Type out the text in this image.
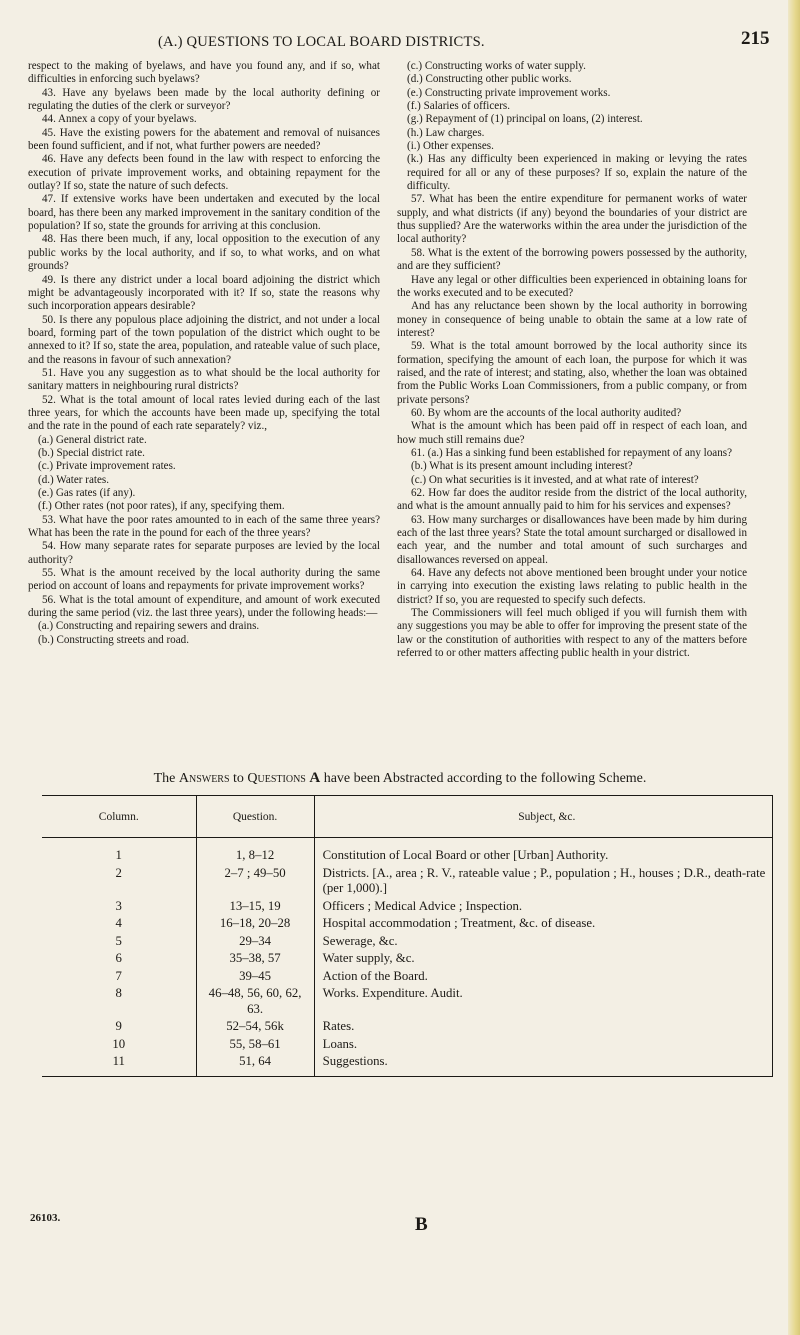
(A.) QUESTIONS TO LOCAL BOARD DISTRICTS.	215

respect to the making of byelaws, and have you found any, and if so, what difficulties in enforcing such byelaws?

43. Have any byelaws been made by the local authority defining or regulating the duties of the clerk or surveyor?

44. Annex a copy of your byelaws.

45. Have the existing powers for the abatement and removal of nuisances been found sufficient, and if not, what further powers are needed?

46. Have any defects been found in the law with respect to enforcing the execution of private improvement works, and obtaining repayment for the outlay? If so, state the nature of such defects.

47. If extensive works have been undertaken and executed by the local board, has there been any marked improvement in the sanitary condition of the population? If so, state the grounds for arriving at this conclusion.

48. Has there been much, if any, local opposition to the execution of any public works by the local authority, and if so, to what works, and on what grounds?

49. Is there any district under a local board adjoining the district which might be advantageously incorporated with it? If so, state the reasons why such incorporation appears desirable?

50. Is there any populous place adjoining the district, and not under a local board, forming part of the town population of the district which ought to be annexed to it? If so, state the area, population, and rateable value of such place, and the reasons in favour of such annexation?

51. Have you any suggestion as to what should be the local authority for sanitary matters in neighbouring rural districts?

52. What is the total amount of local rates levied during each of the last three years, for which the accounts have been made up, specifying the total and the rate in the pound of each rate separately? viz.,

(a.) General district rate.

(b.) Special district rate.

(c.) Private improvement rates.

(d.) Water rates.

(e.) Gas rates (if any).

(f.) Other rates (not poor rates), if any, specifying them.

53. What have the poor rates amounted to in each of the same three years? What has been the rate in the pound for each of the three years?

54. How many separate rates for separate purposes are levied by the local authority?

55. What is the amount received by the local authority during the same period on account of loans and repayments for private improvement works?

56. What is the total amount of expenditure, and amount of work executed during the same period (viz. the last three years), under the following heads:—

(a.) Constructing and repairing sewers and drains.

(b.) Constructing streets and road.

(c.) Constructing works of water supply.

(d.) Constructing other public works.

(e.) Constructing private improvement works.

(f.) Salaries of officers.

(g.) Repayment of (1) principal on loans, (2) interest.

(h.) Law charges.

(i.) Other expenses.

(k.) Has any difficulty been experienced in making or levying the rates required for all or any of these purposes? If so, explain the nature of the difficulty.

57. What has been the entire expenditure for permanent works of water supply, and what districts (if any) beyond the boundaries of your district are thus supplied? Are the waterworks within the area under the jurisdiction of the local authority?

58. What is the extent of the borrowing powers possessed by the authority, and are they sufficient?

Have any legal or other difficulties been experienced in obtaining loans for the works executed and to be executed?

And has any reluctance been shown by the local authority in borrowing money in consequence of being unable to obtain the same at a low rate of interest?

59. What is the total amount borrowed by the local authority since its formation, specifying the amount of each loan, the purpose for which it was raised, and the rate of interest; and stating, also, whether the loan was obtained from the Public Works Loan Commissioners, from a public company, or from private persons?

60. By whom are the accounts of the local authority audited?

What is the amount which has been paid off in respect of each loan, and how much still remains due?

61. (a.) Has a sinking fund been established for repayment of any loans?

(b.) What is its present amount including interest?

(c.) On what securities is it invested, and at what rate of interest?

62. How far does the auditor reside from the district of the local authority, and what is the amount annually paid to him for his services and expenses?

63. How many surcharges or disallowances have been made by him during each of the last three years? State the total amount surcharged or disallowed in each year, and the number and total amount of such surcharges and disallowances reversed on appeal.

64. Have any defects not above mentioned been brought under your notice in carrying into execution the existing laws relating to public health in the district? If so, you are requested to specify such defects.

The Commissioners will feel much obliged if you will furnish them with any suggestions you may be able to offer for improving the present state of the law or the constitution of authorities with respect to any of the matters before referred to or other matters affecting public health in your district.

The Answers to Questions A have been Abstracted according to the following Scheme.
Column.	Question.	Subject, &c.
1	1, 8–12	Constitution of Local Board or other [Urban] Authority.
2	2–7 ; 49–50	Districts. [A., area ; R. V., rateable value ; P., population ; H., houses ; D.R., death-rate (per 1,000).]
3	13–15, 19	Officers ; Medical Advice ; Inspection.
4	16–18, 20–28	Hospital accommodation ; Treatment, &c. of disease.
5	29–34	Sewerage, &c.
6	35–38, 57	Water supply, &c.
7	39–45	Action of the Board.
8	46–48, 56, 60, 62, 63.	Works. Expenditure. Audit.
9	52–54, 56k	Rates.
10	55, 58–61	Loans.
11	51, 64	Suggestions.
26103.	B
